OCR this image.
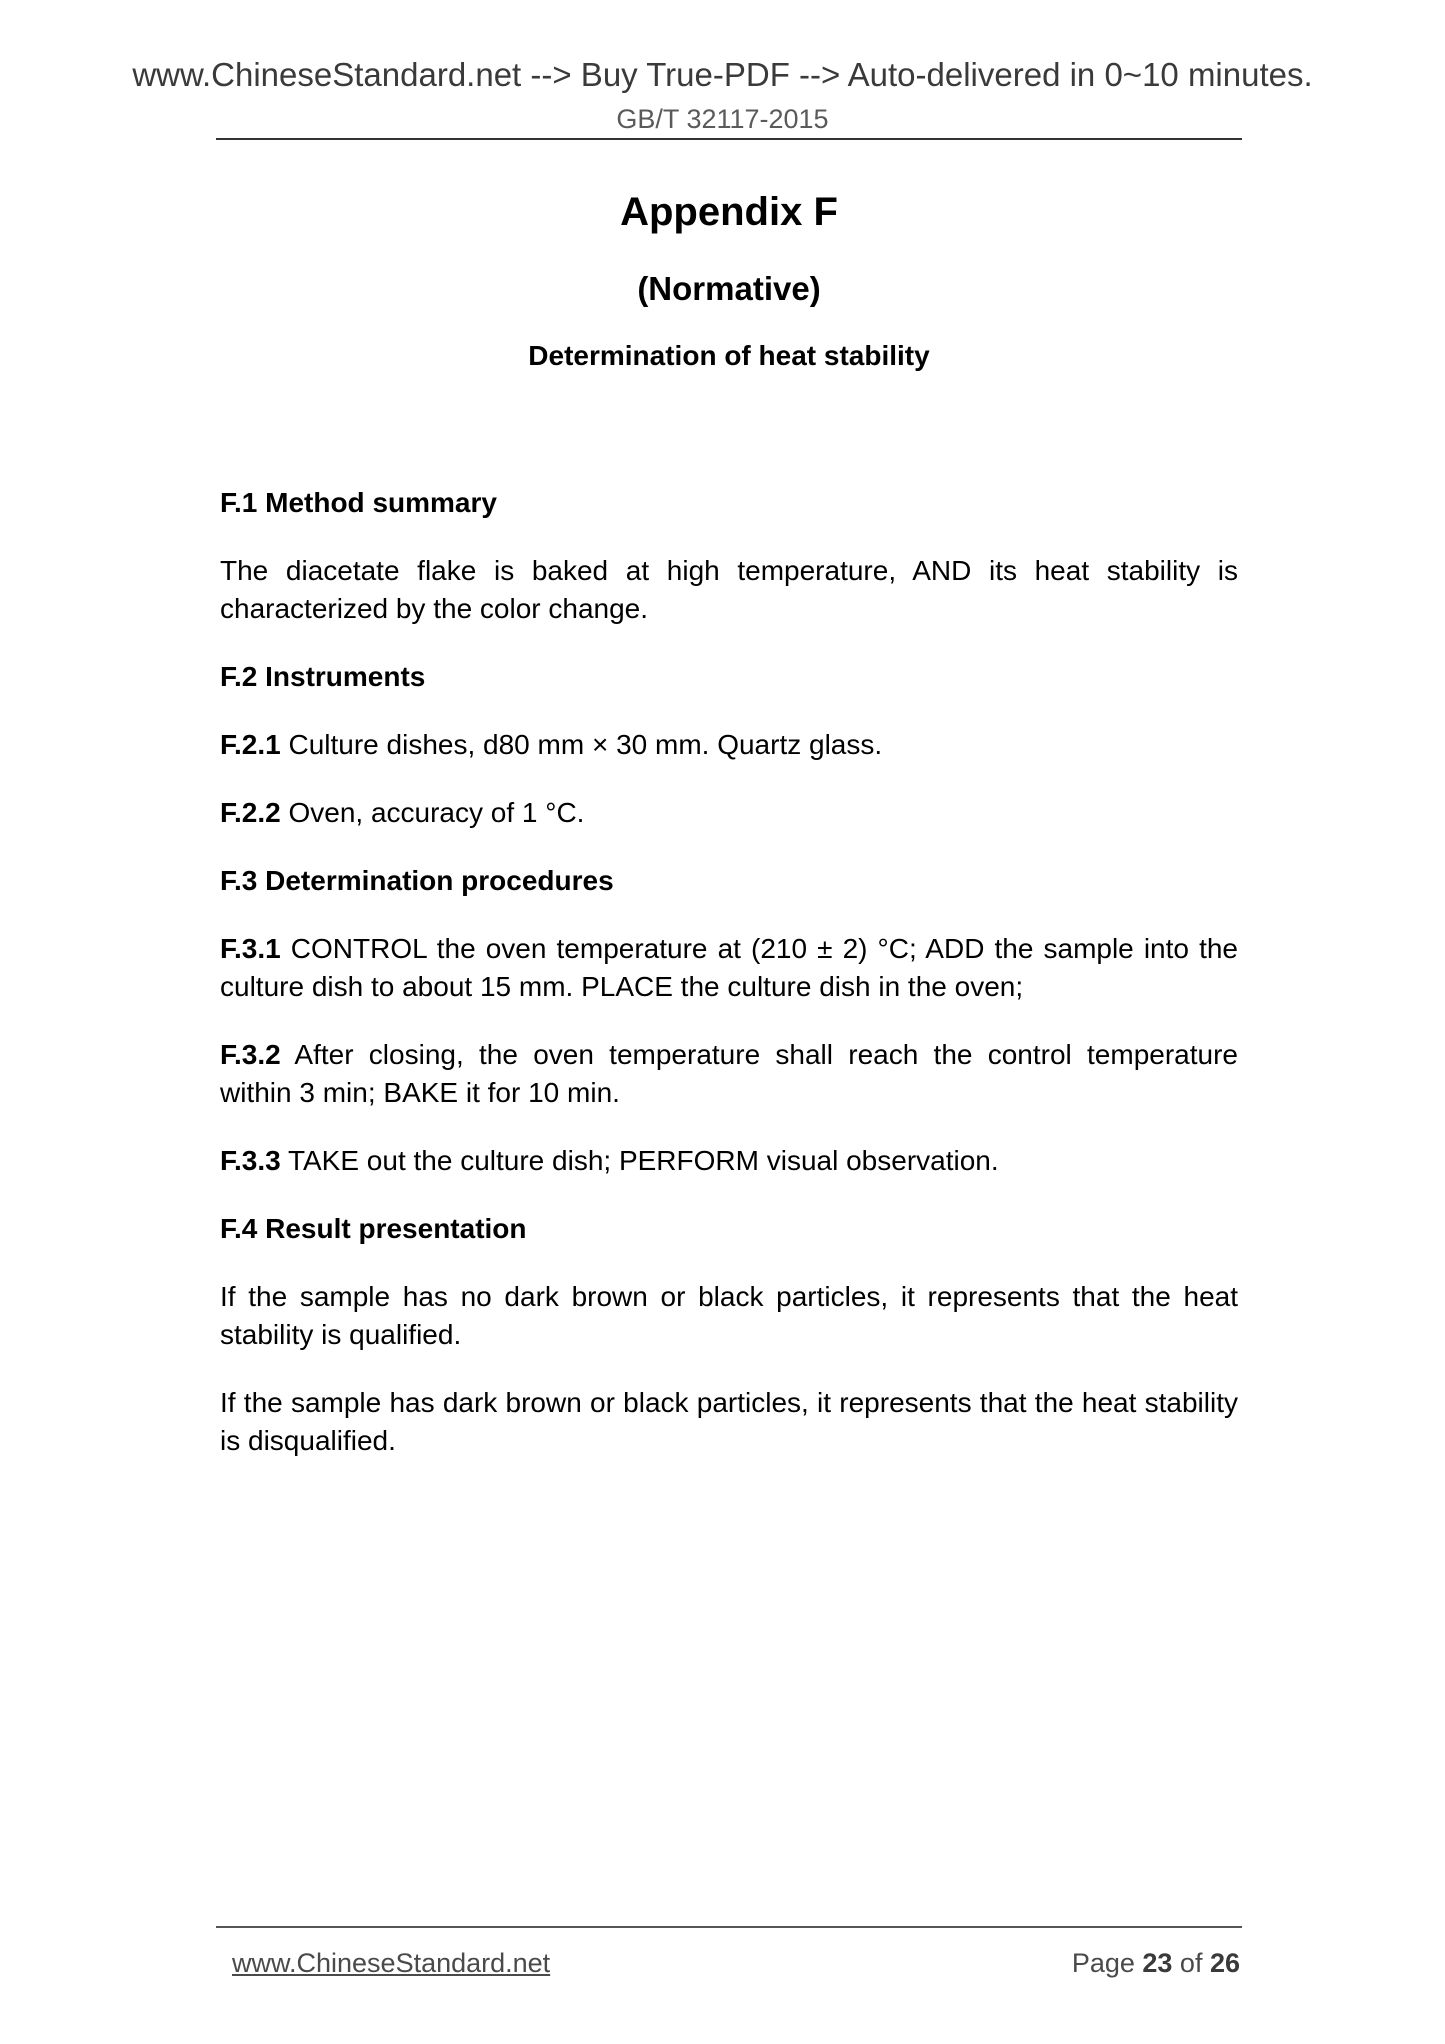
www.ChineseStandard.net --> Buy True-PDF --> Auto-delivered in 0~10 minutes.
GB/T 32117-2015
Appendix F
(Normative)
Determination of heat stability
F.1 Method summary
The diacetate flake is baked at high temperature, AND its heat stability is characterized by the color change.
F.2 Instruments
F.2.1 Culture dishes, d80 mm × 30 mm. Quartz glass.
F.2.2 Oven, accuracy of 1 °C.
F.3 Determination procedures
F.3.1 CONTROL the oven temperature at (210 ± 2) °C; ADD the sample into the culture dish to about 15 mm. PLACE the culture dish in the oven;
F.3.2 After closing, the oven temperature shall reach the control temperature within 3 min; BAKE it for 10 min.
F.3.3 TAKE out the culture dish; PERFORM visual observation.
F.4 Result presentation
If the sample has no dark brown or black particles, it represents that the heat stability is qualified.
If the sample has dark brown or black particles, it represents that the heat stability is disqualified.
www.ChineseStandard.net	Page 23 of 26
